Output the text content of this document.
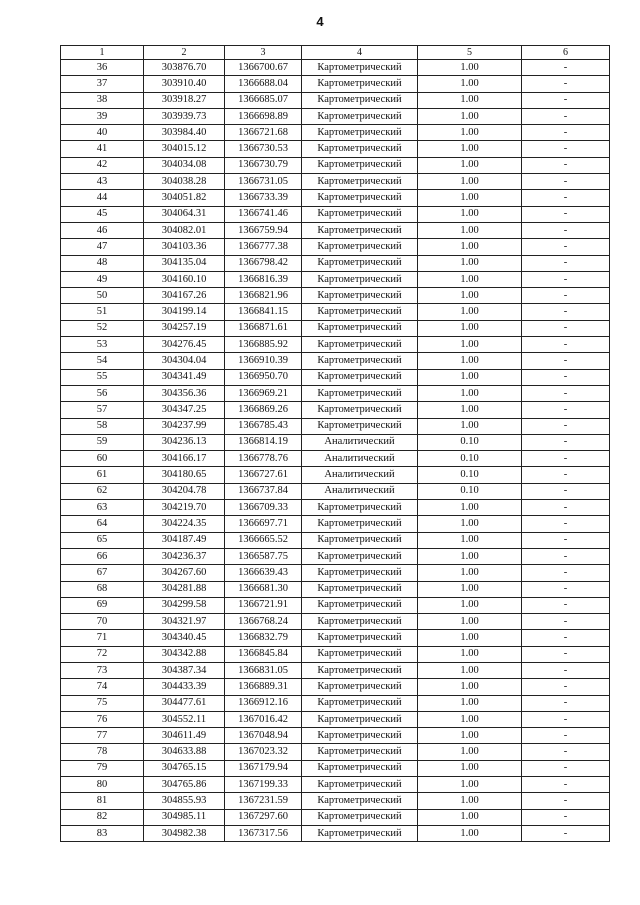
4
1	2	3	4	5	6
36	303876.70	1366700.67	Картометрический	1.00	-
37	303910.40	1366688.04	Картометрический	1.00	-
38	303918.27	1366685.07	Картометрический	1.00	-
39	303939.73	1366698.89	Картометрический	1.00	-
40	303984.40	1366721.68	Картометрический	1.00	-
41	304015.12	1366730.53	Картометрический	1.00	-
42	304034.08	1366730.79	Картометрический	1.00	-
43	304038.28	1366731.05	Картометрический	1.00	-
44	304051.82	1366733.39	Картометрический	1.00	-
45	304064.31	1366741.46	Картометрический	1.00	-
46	304082.01	1366759.94	Картометрический	1.00	-
47	304103.36	1366777.38	Картометрический	1.00	-
48	304135.04	1366798.42	Картометрический	1.00	-
49	304160.10	1366816.39	Картометрический	1.00	-
50	304167.26	1366821.96	Картометрический	1.00	-
51	304199.14	1366841.15	Картометрический	1.00	-
52	304257.19	1366871.61	Картометрический	1.00	-
53	304276.45	1366885.92	Картометрический	1.00	-
54	304304.04	1366910.39	Картометрический	1.00	-
55	304341.49	1366950.70	Картометрический	1.00	-
56	304356.36	1366969.21	Картометрический	1.00	-
57	304347.25	1366869.26	Картометрический	1.00	-
58	304237.99	1366785.43	Картометрический	1.00	-
59	304236.13	1366814.19	Аналитический	0.10	-
60	304166.17	1366778.76	Аналитический	0.10	-
61	304180.65	1366727.61	Аналитический	0.10	-
62	304204.78	1366737.84	Аналитический	0.10	-
63	304219.70	1366709.33	Картометрический	1.00	-
64	304224.35	1366697.71	Картометрический	1.00	-
65	304187.49	1366665.52	Картометрический	1.00	-
66	304236.37	1366587.75	Картометрический	1.00	-
67	304267.60	1366639.43	Картометрический	1.00	-
68	304281.88	1366681.30	Картометрический	1.00	-
69	304299.58	1366721.91	Картометрический	1.00	-
70	304321.97	1366768.24	Картометрический	1.00	-
71	304340.45	1366832.79	Картометрический	1.00	-
72	304342.88	1366845.84	Картометрический	1.00	-
73	304387.34	1366831.05	Картометрический	1.00	-
74	304433.39	1366889.31	Картометрический	1.00	-
75	304477.61	1366912.16	Картометрический	1.00	-
76	304552.11	1367016.42	Картометрический	1.00	-
77	304611.49	1367048.94	Картометрический	1.00	-
78	304633.88	1367023.32	Картометрический	1.00	-
79	304765.15	1367179.94	Картометрический	1.00	-
80	304765.86	1367199.33	Картометрический	1.00	-
81	304855.93	1367231.59	Картометрический	1.00	-
82	304985.11	1367297.60	Картометрический	1.00	-
83	304982.38	1367317.56	Картометрический	1.00	-
